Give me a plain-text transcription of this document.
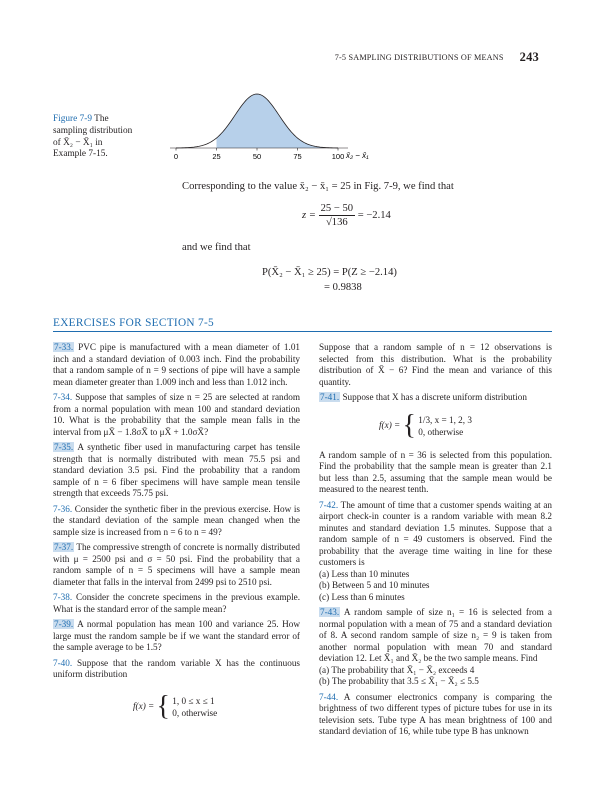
7-5 SAMPLING DISTRIBUTIONS OF MEANS 243
Figure 7-9 The
sampling distribution
of X̄₂ − X̄₁ in
Example 7-15.	0	25	50	75	100 x̄₂ − x̄₁
Corresponding to the value x̄₂ − x̄₁ = 25 in Fig. 7-9, we find that
$z = \frac{25 - 50}{√136} = -2.14$
and we find that
P(X̄₂ − X̄₁ ≥ 25) = P(Z ≥ −2.14)
= 0.9838
EXERCISES FOR SECTION 7-5

7-33. PVC pipe is manufactured with a mean diameter of 1.01 inch and a standard deviation of 0.003 inch. Find the probability that a random sample of n = 9 sections of pipe will have a sample mean diameter greater than 1.009 inch and less than 1.012 inch.

7-34. Suppose that samples of size n = 25 are selected at random from a normal population with mean 100 and standard deviation 10. What is the probability that the sample mean falls in the interval from μX̄ − 1.8σX̄ to μX̄ + 1.0σX̄?

7-35. A synthetic fiber used in manufacturing carpet has tensile strength that is normally distributed with mean 75.5 psi and standard deviation 3.5 psi. Find the probability that a random sample of n = 6 fiber specimens will have sample mean tensile strength that exceeds 75.75 psi.

7-36. Consider the synthetic fiber in the previous exercise. How is the standard deviation of the sample mean changed when the sample size is increased from n = 6 to n = 49?

7-37. The compressive strength of concrete is normally distributed with μ = 2500 psi and σ = 50 psi. Find the probability that a random sample of n = 5 specimens will have a sample mean diameter that falls in the interval from 2499 psi to 2510 psi.

7-38. Consider the concrete specimens in the previous example. What is the standard error of the sample mean?

7-39. A normal population has mean 100 and variance 25. How large must the random sample be if we want the standard error of the sample average to be 1.5?

7-40. Suppose that the random variable X has the continuous uniform distribution

f(x) = { 1, 0 ≤ x ≤ 1
0, otherwise

Suppose that a random sample of n = 12 observations is selected from this distribution. What is the probability distribution of X̄ − 6? Find the mean and variance of this quantity.

7-41. Suppose that X has a discrete uniform distribution

f(x) = { 1/3, x = 1, 2, 3
0, otherwise

A random sample of n = 36 is selected from this population. Find the probability that the sample mean is greater than 2.1 but less than 2.5, assuming that the sample mean would be measured to the nearest tenth.

7-42. The amount of time that a customer spends waiting at an airport check-in counter is a random variable with mean 8.2 minutes and standard deviation 1.5 minutes. Suppose that a random sample of n = 49 customers is observed. Find the probability that the average time waiting in line for these customers is
(a) Less than 10 minutes
(b) Between 5 and 10 minutes
(c) Less than 6 minutes

7-43. A random sample of size n₁ = 16 is selected from a normal population with a mean of 75 and a standard deviation of 8. A second random sample of size n₂ = 9 is taken from another normal population with mean 70 and standard deviation 12. Let X̄₁ and X̄₂ be the two sample means. Find
(a) The probability that X̄₁ − X̄₂ exceeds 4
(b) The probability that 3.5 ≤ X̄₁ − X̄₂ ≤ 5.5

7-44. A consumer electronics company is comparing the brightness of two different types of picture tubes for use in its television sets. Tube type A has mean brightness of 100 and standard deviation of 16, while tube type B has unknown
